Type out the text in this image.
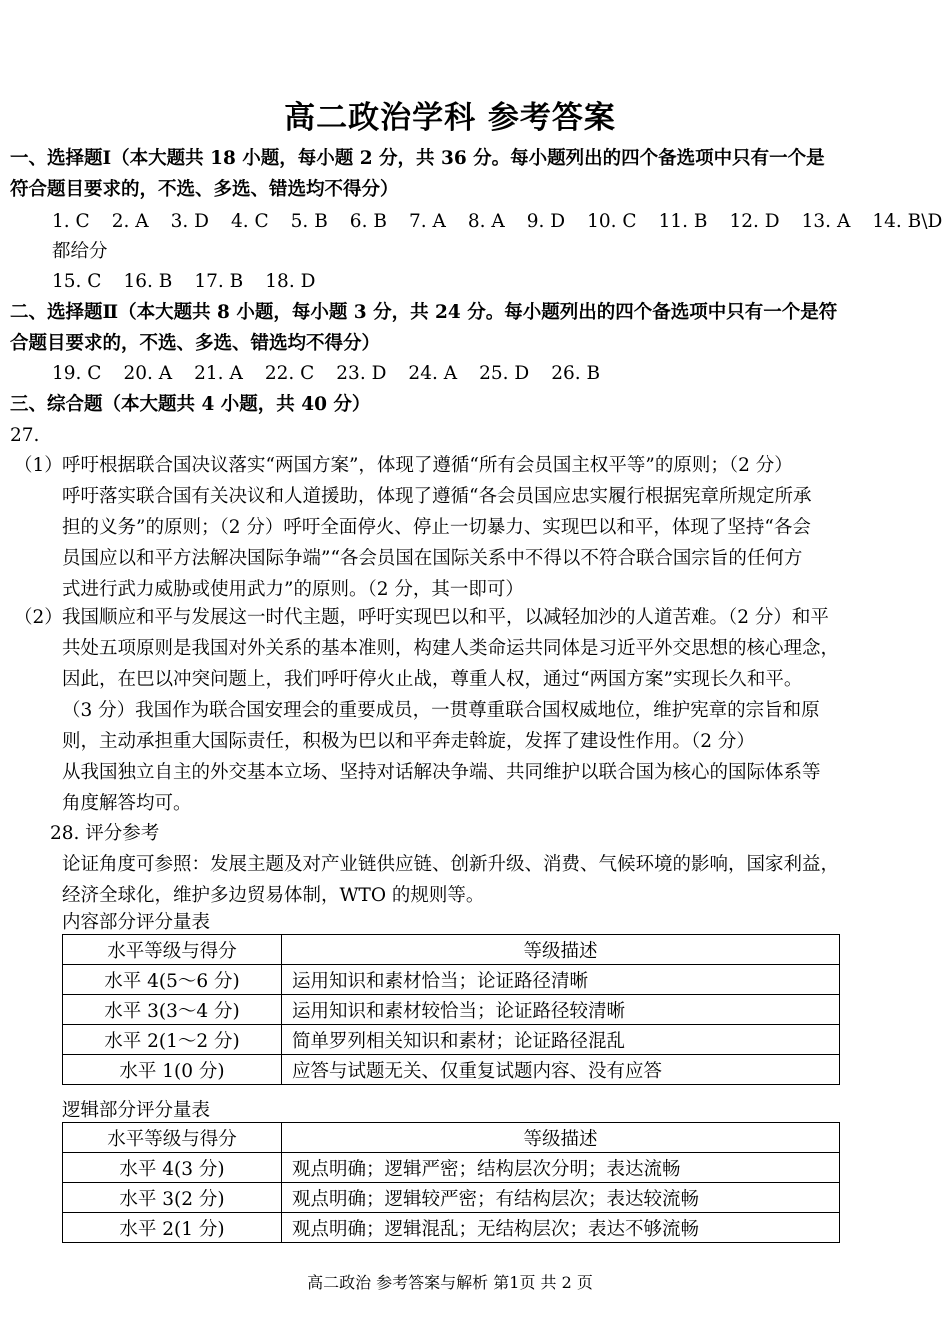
高二政治学科 参考答案
一、选择题Ⅰ（本大题共 18 小题，每小题 2 分，共 36 分。每小题列出的四个备选项中只有一个是
符合题目要求的，不选、多选、错选均不得分）
1. C 2. A 3. D 4. C 5. B 6. B 7. A 8. A 9. D 10. C 11. B 12. D 13. A 14. B\D
都给分
15. C 16. B 17. B 18. D
二、选择题Ⅱ（本大题共 8 小题，每小题 3 分，共 24 分。每小题列出的四个备选项中只有一个是符
合题目要求的，不选、多选、错选均不得分）
19. C 20. A 21. A 22. C 23. D 24. A 25. D 26. B
三、综合题（本大题共 4 小题，共 40 分）
27.
（1） 呼吁根据联合国决议落实“两国方案”，体现了遵循“所有会员国主权平等”的原则；（2 分）
呼吁落实联合国有关决议和人道援助，体现了遵循“各会员国应忠实履行根据宪章所规定所承
担的义务”的原则；（2 分）呼吁全面停火、停止一切暴力、实现巴以和平，体现了坚持“各会
员国应以和平方法解决国际争端”“各会员国在国际关系中不得以不符合联合国宗旨的任何方
式进行武力威胁或使用武力”的原则。（2 分，其一即可）
（2） 我国顺应和平与发展这一时代主题，呼吁实现巴以和平，以减轻加沙的人道苦难。（2 分）和平
共处五项原则是我国对外关系的基本准则，构建人类命运共同体是习近平外交思想的核心理念，
因此，在巴以冲突问题上，我们呼吁停火止战，尊重人权，通过“两国方案”实现长久和平。
（3 分）我国作为联合国安理会的重要成员，一贯尊重联合国权威地位，维护宪章的宗旨和原
则，主动承担重大国际责任，积极为巴以和平奔走斡旋，发挥了建设性作用。（2 分）
从我国独立自主的外交基本立场、坚持对话解决争端、共同维护以联合国为核心的国际体系等
角度解答均可。
28. 评分参考
论证角度可参照：发展主题及对产业链供应链、创新升级、消费、气候环境的影响，国家利益，
经济全球化，维护多边贸易体制，WTO 的规则等。
内容部分评分量表
水平等级与得分	等级描述
水平 4(5～6 分)	运用知识和素材恰当；论证路径清晰
水平 3(3～4 分)	运用知识和素材较恰当；论证路径较清晰
水平 2(1～2 分)	简单罗列相关知识和素材；论证路径混乱
水平 1(0 分)	应答与试题无关、仅重复试题内容、没有应答
逻辑部分评分量表
水平等级与得分	等级描述
水平 4(3 分)	观点明确；逻辑严密；结构层次分明；表达流畅
水平 3(2 分)	观点明确；逻辑较严密；有结构层次；表达较流畅
水平 2(1 分)	观点明确；逻辑混乱；无结构层次；表达不够流畅
高二政治 参考答案与解析 第1页 共 2 页
